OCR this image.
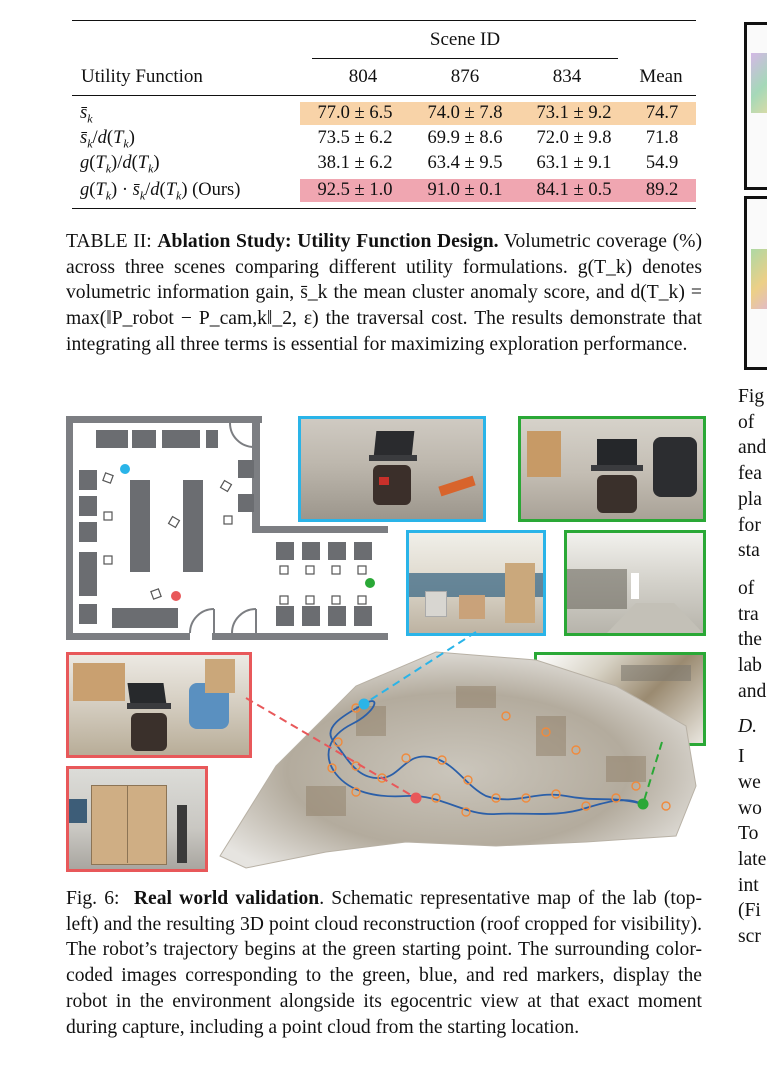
Scene ID
Utility Function	804	876	834	Mean
$s̄_k$	77.0 ± 6.5	74.0 ± 7.8	73.1 ± 9.2	74.7
$s̄_k/d(T_k)$	73.5 ± 6.2	69.9 ± 8.6	72.0 ± 9.8	71.8
$g(T_k)/d(T_k)$	38.1 ± 6.2	63.4 ± 9.5	63.1 ± 9.1	54.9
$g(T_k)$ · $s̄_k/d(T_k)$ (Ours)	92.5 ± 1.0	91.0 ± 0.1	84.1 ± 0.5	89.2
TABLE II: Ablation Study: Utility Function Design. Volumetric coverage (%) across three scenes comparing different utility formulations. g(T_k) denotes volumetric information gain, s̄_k the mean cluster anomaly score, and d(T_k) = max(‖P_robot − P_cam,k‖_2, ε) the traversal cost. The results demonstrate that integrating all three terms is essential for maximizing exploration performance.
Fig
of
and
fea
pla
for
sta
of
tra
the
lab
and
D.
I
we
wo
To
late
int
(Fi
scr
Fig. 6: Real world validation. Schematic representative map of the lab (top-left) and the resulting 3D point cloud reconstruction (roof cropped for visibility). The robot’s trajectory begins at the green starting point. The surrounding color-coded images corresponding to the green, blue, and red markers, display the robot in the environment alongside its egocentric view at that exact moment during capture, including a point cloud from the starting location.
